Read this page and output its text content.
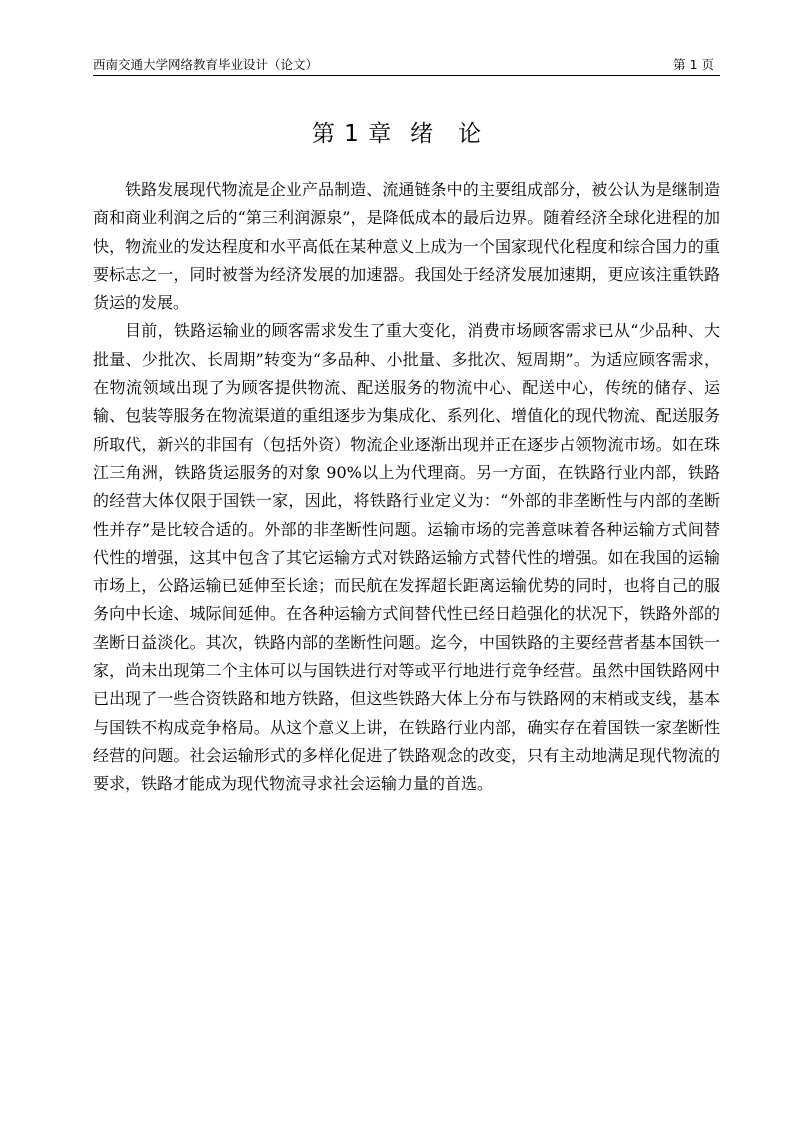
西南交通大学网络教育毕业设计（论文）	第 1 页
第 1 章 绪　论

铁路发展现代物流是企业产品制造、流通链条中的主要组成部分，被公认为是继制造商和商业利润之后的“第三利润源泉”，是降低成本的最后边界。随着经济全球化进程的加快，物流业的发达程度和水平高低在某种意义上成为一个国家现代化程度和综合国力的重要标志之一，同时被誉为经济发展的加速器。我国处于经济发展加速期，更应该注重铁路货运的发展。

目前，铁路运输业的顾客需求发生了重大变化，消费市场顾客需求已从“少品种、大批量、少批次、长周期”转变为“多品种、小批量、多批次、短周期”。为适应顾客需求，在物流领域出现了为顾客提供物流、配送服务的物流中心、配送中心，传统的储存、运输、包装等服务在物流渠道的重组逐步为集成化、系列化、增值化的现代物流、配送服务所取代，新兴的非国有（包括外资）物流企业逐渐出现并正在逐步占领物流市场。如在珠江三角洲，铁路货运服务的对象 90%以上为代理商。另一方面，在铁路行业内部，铁路的经营大体仅限于国铁一家，因此，将铁路行业定义为：“外部的非垄断性与内部的垄断性并存”是比较合适的。外部的非垄断性问题。运输市场的完善意味着各种运输方式间替代性的增强，这其中包含了其它运输方式对铁路运输方式替代性的增强。如在我国的运输市场上，公路运输已延伸至长途；而民航在发挥超长距离运输优势的同时，也将自己的服务向中长途、城际间延伸。在各种运输方式间替代性已经日趋强化的状况下，铁路外部的垄断日益淡化。其次，铁路内部的垄断性问题。迄今，中国铁路的主要经营者基本国铁一家，尚未出现第二个主体可以与国铁进行对等或平行地进行竞争经营。虽然中国铁路网中已出现了一些合资铁路和地方铁路，但这些铁路大体上分布与铁路网的末梢或支线，基本与国铁不构成竞争格局。从这个意义上讲，在铁路行业内部，确实存在着国铁一家垄断性经营的问题。社会运输形式的多样化促进了铁路观念的改变，只有主动地满足现代物流的要求，铁路才能成为现代物流寻求社会运输力量的首选。
